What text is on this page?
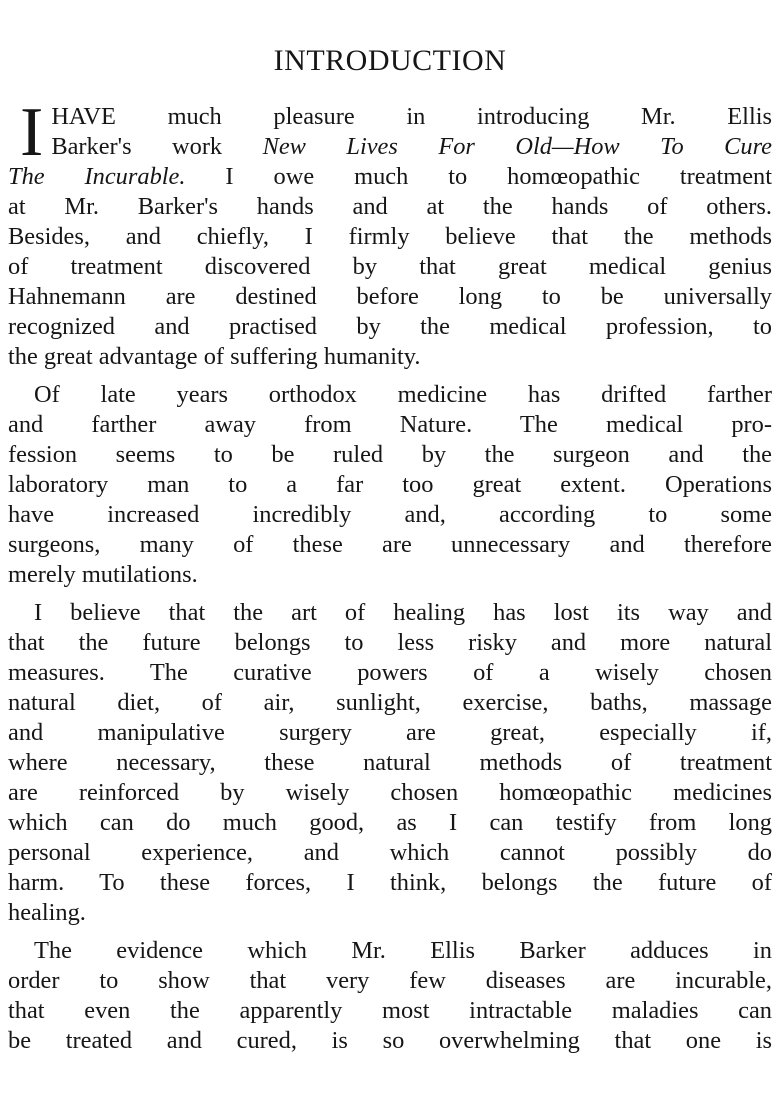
INTRODUCTION
I HAVE much pleasure in introducing Mr. Ellis
Barker's work New Lives For Old—How To Cure
The Incurable. I owe much to homœopathic treatment
at Mr. Barker's hands and at the hands of others.
Besides, and chiefly, I firmly believe that the methods
of treatment discovered by that great medical genius
Hahnemann are destined before long to be universally
recognized and practised by the medical profession, to
the great advantage of suffering humanity.
Of late years orthodox medicine has drifted farther
and farther away from Nature. The medical pro-
fession seems to be ruled by the surgeon and the
laboratory man to a far too great extent. Operations
have increased incredibly and, according to some
surgeons, many of these are unnecessary and therefore
merely mutilations.
I believe that the art of healing has lost its way and
that the future belongs to less risky and more natural
measures. The curative powers of a wisely chosen
natural diet, of air, sunlight, exercise, baths, massage
and manipulative surgery are great, especially if,
where necessary, these natural methods of treatment
are reinforced by wisely chosen homœopathic medicines
which can do much good, as I can testify from long
personal experience, and which cannot possibly do
harm. To these forces, I think, belongs the future of
healing.
The evidence which Mr. Ellis Barker adduces in
order to show that very few diseases are incurable,
that even the apparently most intractable maladies can
be treated and cured, is so overwhelming that one is
